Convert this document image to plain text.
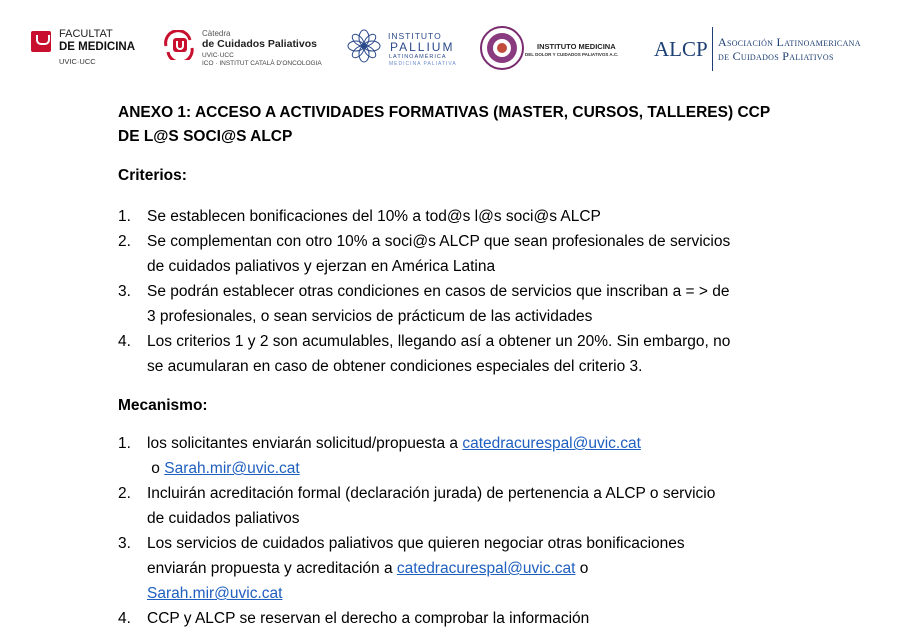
FACULTAT
DE MEDICINA
UVIC·UCC
Càtedra
de Cuidados Paliativos
UVIC·UCC
ICO · INSTITUT CATALÀ D'ONCOLOGIA
INSTITUTO
PALLIUM
LATINOAMÉRICA
MEDICINA PALIATIVA
INSTITUTO MEDICINA
DEL DOLOR Y CUIDADOS PALIATIVOS A.C. ALCP Asociación Latinoamericana
de Cuidados Paliativos
ANEXO 1: ACCESO A ACTIVIDADES FORMATIVAS (MASTER, CURSOS, TALLERES) CCP
DE L@S SOCI@S ALCP
Criterios:
1. Se establecen bonificaciones del 10% a tod@s l@s soci@s ALCP
2. Se complementan con otro 10% a soci@s ALCP que sean profesionales de servicios
de cuidados paliativos y ejerzan en América Latina
3. Se podrán establecer otras condiciones en casos de servicios que inscriban a = > de
3 profesionales, o sean servicios de prácticum de las actividades
4. Los criterios 1 y 2 son acumulables, llegando así a obtener un 20%. Sin embargo, no
se acumularan en caso de obtener condiciones especiales del criterio 3.
Mecanismo:
1. los solicitantes enviarán solicitud/propuesta a catedracurespal@uvic.cat
o Sarah.mir@uvic.cat
2. Incluirán acreditación formal (declaración jurada) de pertenencia a ALCP o servicio
de cuidados paliativos
3. Los servicios de cuidados paliativos que quieren negociar otras bonificaciones
enviarán propuesta y acreditación a catedracurespal@uvic.cat o
Sarah.mir@uvic.cat
4. CCP y ALCP se reservan el derecho a comprobar la información
